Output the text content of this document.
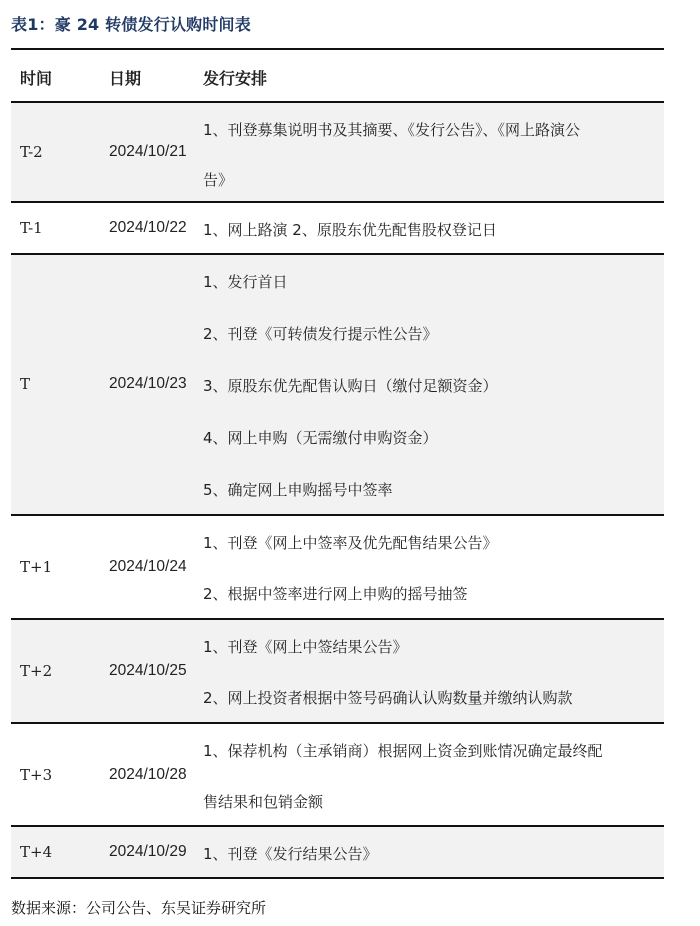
表1：豪 24 转债发行认购时间表
时间	日期	发行安排
T-2	2024/10/21
1、刊登募集说明书及其摘要、《发行公告》、《网上路演公
告》
T-1	2024/10/22 1、网上路演 2、原股东优先配售股权登记日
T	2024/10/23
1、发行首日
2、刊登《可转债发行提示性公告》
3、原股东优先配售认购日（缴付足额资金）
4、网上申购（无需缴付申购资金）
5、确定网上申购摇号中签率
T+1	2024/10/24
1、刊登《网上中签率及优先配售结果公告》
2、根据中签率进行网上申购的摇号抽签
T+2	2024/10/25
1、刊登《网上中签结果公告》
2、网上投资者根据中签号码确认认购数量并缴纳认购款
T+3	2024/10/28
1、保荐机构（主承销商）根据网上资金到账情况确定最终配
售结果和包销金额
T+4	2024/10/29 1、刊登《发行结果公告》
数据来源：公司公告、东吴证券研究所
